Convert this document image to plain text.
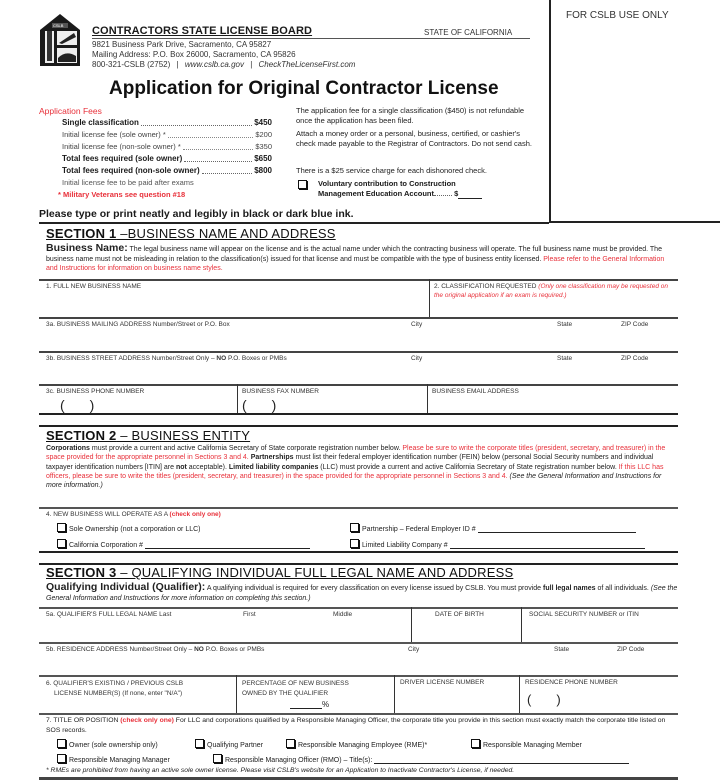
CSLB	CONTRACTORS STATE LICENSE BOARD	STATE OF CALIFORNIA
9821 Business Park Drive, Sacramento, CA 95827
Mailing Address: P.O. Box 26000, Sacramento, CA 95826
800-321-CSLB (2752) | www.cslb.ca.gov | CheckTheLicenseFirst.com
FOR CSLB USE ONLY
Application for Original Contractor License
Application Fees
Single classification	$450
Initial license fee (sole owner) *	$200
Initial license fee (non-sole owner) *	$350
Total fees required (sole owner)	$650
Total fees required (non-sole owner)	$800
Initial license fee to be paid after exams
* Military Veterans see question #18
The application fee for a single classification ($450) is not refundable once the application has been filed.
Attach a money order or a personal, business, certified, or cashier's check made payable to the Registrar of Contractors. Do not send cash.
There is a $25 service charge for each dishonored check.
Voluntary contribution to Construction
Management Education Account	$
Please type or print neatly and legibly in black or dark blue ink.
SECTION 1 –BUSINESS NAME AND ADDRESS
Business Name: The legal business name will appear on the license and is the actual name under which the contracting business will operate. The full business name must be provided. The business name must not be misleading in relation to the classification(s) issued for that license and must be compatible with the type of business entity licensed. Please refer to the General Information and Instructions for information on business name styles.
1. FULL NEW BUSINESS NAME	2. CLASSIFICATION REQUESTED (Only one classification may be requested on the original application if an exam is required.)
3a. BUSINESS MAILING ADDRESS Number/Street or P.O. Box	City	State	ZIP Code
3b. BUSINESS STREET ADDRESS Number/Street Only – NO P.O. Boxes or PMBs	City	State	ZIP Code
3c. BUSINESS PHONE NUMBER
( )
BUSINESS FAX NUMBER
( )
BUSINESS EMAIL ADDRESS
SECTION 2 – BUSINESS ENTITY
Corporations must provide a current and active California Secretary of State corporate registration number below. Please be sure to write the corporate titles (president, secretary, and treasurer) in the space provided for the appropriate personnel in Sections 3 and 4. Partnerships must list their federal employer identification number (FEIN) below (personal Social Security numbers and individual taxpayer identification numbers [ITIN] are not acceptable). Limited liability companies (LLC) must provide a current and active California Secretary of State registration number below. If this LLC has officers, please be sure to write the titles (president, secretary, and treasurer) in the space provided for the appropriate personnel in Sections 3 and 4. (See the General Information and Instructions for more information.)
4. NEW BUSINESS WILL OPERATE AS A (check only one)
Sole Ownership (not a corporation or LLC)	Partnership – Federal Employer ID #
California Corporation #	Limited Liability Company #
SECTION 3 – QUALIFYING INDIVIDUAL FULL LEGAL NAME AND ADDRESS
Qualifying Individual (Qualifier): A qualifying individual is required for every classification on every license issued by CSLB. You must provide full legal names of all individuals. (See the General Information and Instructions for more information on completing this section.)
5a. QUALIFIER'S FULL LEGAL NAME Last	First	Middle	DATE OF BIRTH	SOCIAL SECURITY NUMBER or ITIN
5b. RESIDENCE ADDRESS Number/Street Only – NO P.O. Boxes or PMBs	City	State	ZIP Code
6. QUALIFIER'S EXISTING / PREVIOUS CSLB
LICENSE NUMBER(S) (If none, enter "N/A")
PERCENTAGE OF NEW BUSINESS
OWNED BY THE QUALIFIER
%
DRIVER LICENSE NUMBER	RESIDENCE PHONE NUMBER
( )
7. TITLE OR POSITION (check only one) For LLC and corporations qualified by a Responsible Managing Officer, the corporate title you provide in this section must exactly match the corporate title listed on SOS records.
Owner (sole ownership only)	Qualifying Partner	Responsible Managing Employee (RME)*	Responsible Managing Member
Responsible Managing Manager	Responsible Managing Officer (RMO) – Title(s):
* RMEs are prohibited from having an active sole owner license. Please visit CSLB's website for an Application to Inactivate Contractor's License, if needed.
